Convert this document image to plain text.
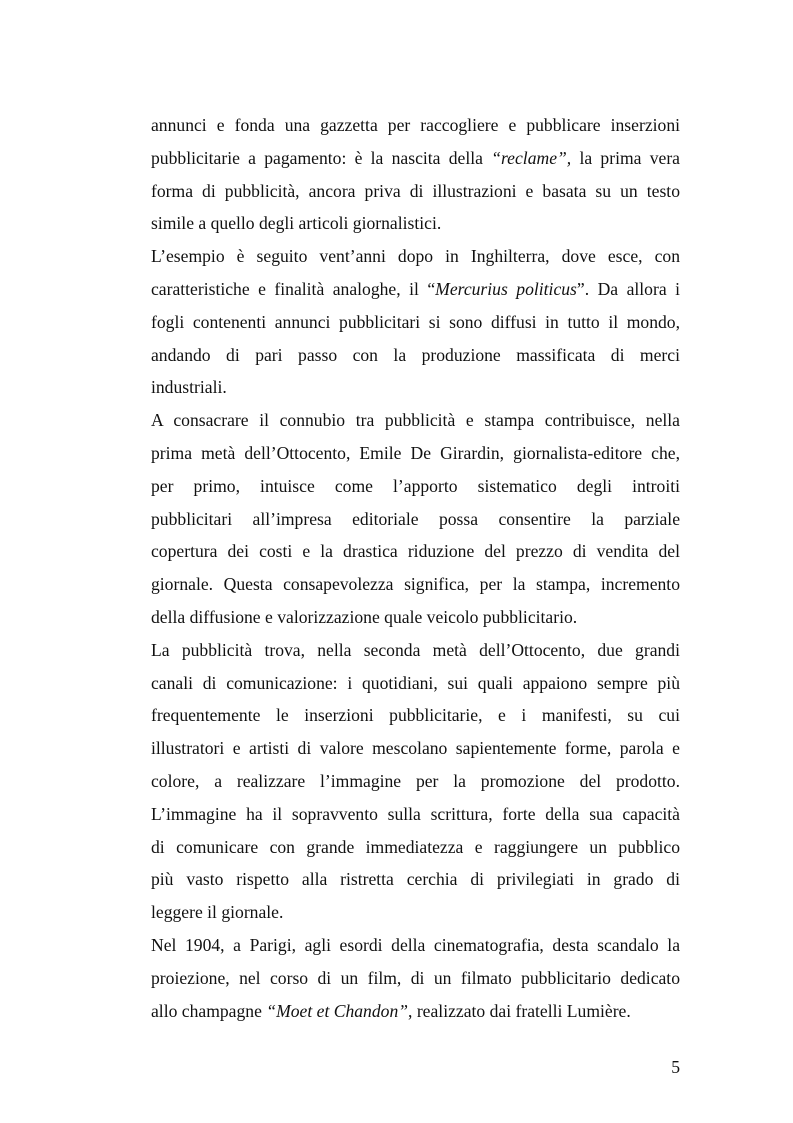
annunci e fonda una gazzetta per raccogliere e pubblicare inserzioni
pubblicitarie a pagamento: è la nascita della “reclame”, la prima vera
forma di pubblicità, ancora priva di illustrazioni e basata su un testo
simile a quello degli articoli giornalistici.
L’esempio è seguito vent’anni dopo in Inghilterra, dove esce, con
caratteristiche e finalità analoghe, il “Mercurius politicus”. Da allora i
fogli contenenti annunci pubblicitari si sono diffusi in tutto il mondo,
andando di pari passo con la produzione massificata di merci
industriali.
A consacrare il connubio tra pubblicità e stampa contribuisce, nella
prima metà dell’Ottocento, Emile De Girardin, giornalista-editore che,
per primo, intuisce come l’apporto sistematico degli introiti
pubblicitari all’impresa editoriale possa consentire la parziale
copertura dei costi e la drastica riduzione del prezzo di vendita del
giornale. Questa consapevolezza significa, per la stampa, incremento
della diffusione e valorizzazione quale veicolo pubblicitario.
La pubblicità trova, nella seconda metà dell’Ottocento, due grandi
canali di comunicazione: i quotidiani, sui quali appaiono sempre più
frequentemente le inserzioni pubblicitarie, e i manifesti, su cui
illustratori e artisti di valore mescolano sapientemente forme, parola e
colore, a realizzare l’immagine per la promozione del prodotto.
L’immagine ha il sopravvento sulla scrittura, forte della sua capacità
di comunicare con grande immediatezza e raggiungere un pubblico
più vasto rispetto alla ristretta cerchia di privilegiati in grado di
leggere il giornale.
Nel 1904, a Parigi, agli esordi della cinematografia, desta scandalo la
proiezione, nel corso di un film, di un filmato pubblicitario dedicato
allo champagne “Moet et Chandon”, realizzato dai fratelli Lumière.
5
